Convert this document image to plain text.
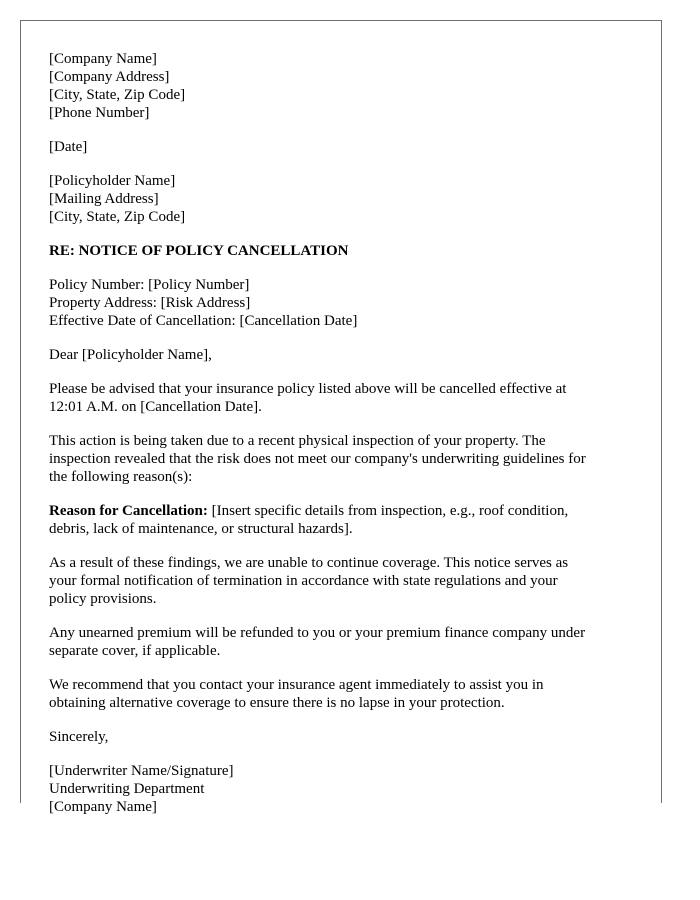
[Company Name]
[Company Address]
[City, State, Zip Code]
[Phone Number]
[Date]
[Policyholder Name]
[Mailing Address]
[City, State, Zip Code]
RE: NOTICE OF POLICY CANCELLATION
Policy Number: [Policy Number]
Property Address: [Risk Address]
Effective Date of Cancellation: [Cancellation Date]
Dear [Policyholder Name],
Please be advised that your insurance policy listed above will be cancelled effective at
12:01 A.M. on [Cancellation Date].
This action is being taken due to a recent physical inspection of your property. The
inspection revealed that the risk does not meet our company's underwriting guidelines for
the following reason(s):
Reason for Cancellation: [Insert specific details from inspection, e.g., roof condition,
debris, lack of maintenance, or structural hazards].
As a result of these findings, we are unable to continue coverage. This notice serves as
your formal notification of termination in accordance with state regulations and your
policy provisions.
Any unearned premium will be refunded to you or your premium finance company under
separate cover, if applicable.
We recommend that you contact your insurance agent immediately to assist you in
obtaining alternative coverage to ensure there is no lapse in your protection.
Sincerely,
[Underwriter Name/Signature]
Underwriting Department
[Company Name]
